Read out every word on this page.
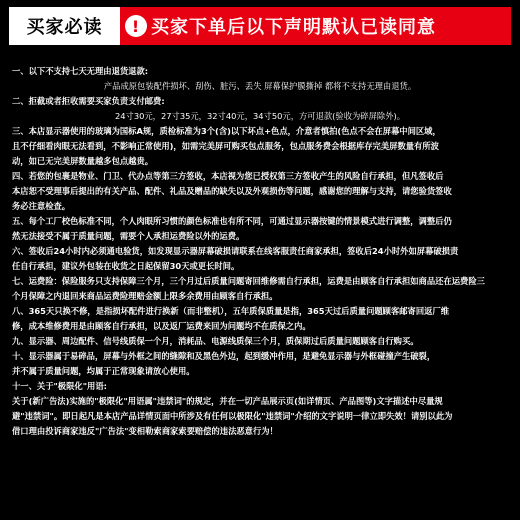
买家必读	! 买家下单后以下声明默认已读同意

一、以下不支持七天无理由退货退款:

产品成原包装配件损坏、刮伤、脏污、丢失 屏幕保护膜撕掉 都将不支持无理由退货。

二、拒截或者拒收需要买家负责支付邮费:

24寸30元，27寸35元，32寸40元，34寸50元，方可退款(验收为碎屏除外)。

三、本店显示器使用的玻璃为国标A规，质检标准为3个(含)以下坏点+色点，介意者慎拍(色点不会在屏幕中间区域，

且不仔细看肉眼无法看到，不影响正常使用)，如需完美屏可购买包点服务，包点服务费会根据库存完美屏数量有所波

动，如已无完美屏数量越多包点越贵。

四、若您的包裹是物业、门卫、代办点等第三方签收，本店视为您已授权第三方签收产生的风险自行承担，但凡签收后

本店恕不受理事后提出的有关产品、配件、礼品及赠品的缺失以及外观损伤等问题，感谢您的理解与支持，请您验货签收

务必注意检查。

五、每个工厂校色标准不同，个人肉眼所习惯的颜色标准也有所不同，可通过显示器按键的情景模式进行调整，调整后仍

然无法接受不属于质量问题，需要个人承担运费险以外的运费。

六、签收后24小时内必须通电验货，如发现显示器屏幕破损请联系在线客服责任商家承担，签收后24小时外如屏幕破损责

任自行承担，建议外包装在收货之日起保留30天或更长时间。

七、运费险：保险服务只支持保障三个月，三个月过后质量问题寄回维修需自行承担，运费是由顾客自行承担如商品还在运费险三

个月保障之内退回来商品运费险理赔金额上限多余费用由顾客自行承担。

八、365天只换不修，是指损坏配件进行换新（而非整机），五年质保质量是指，365天过后质量问题顾客邮寄回返厂维

修，成本维修费用是由顾客自行承担，以及返厂运费来回为问题均不在质保之内。

九、显示器、周边配件、信号线质保一个月，消耗品、电源线质保三个月，质保期过后质量问题顾客自行购买。

十、显示器属于易碎品，屏幕与外框之间的缝隙和及黑色外边，起到缓冲作用，是避免显示器与外框碰撞产生破裂，

并不属于质量问题，均属于正常现象请放心使用。

十一、关于"极限化"用语:

关于(新广告法)实施的"极限化"用语属"违禁词"的规定，并在一切产品展示页(如详情页、产品图等)文字描述中尽量规

避"违禁词"。即日起凡是本店产品详情页面中所涉及有任何以极限化"违禁词"介绍的文字说明一律立即失效！请别以此为

借口理由投诉商家违反"广告法"变相勒索商家索要赔偿的违法恶意行为！
